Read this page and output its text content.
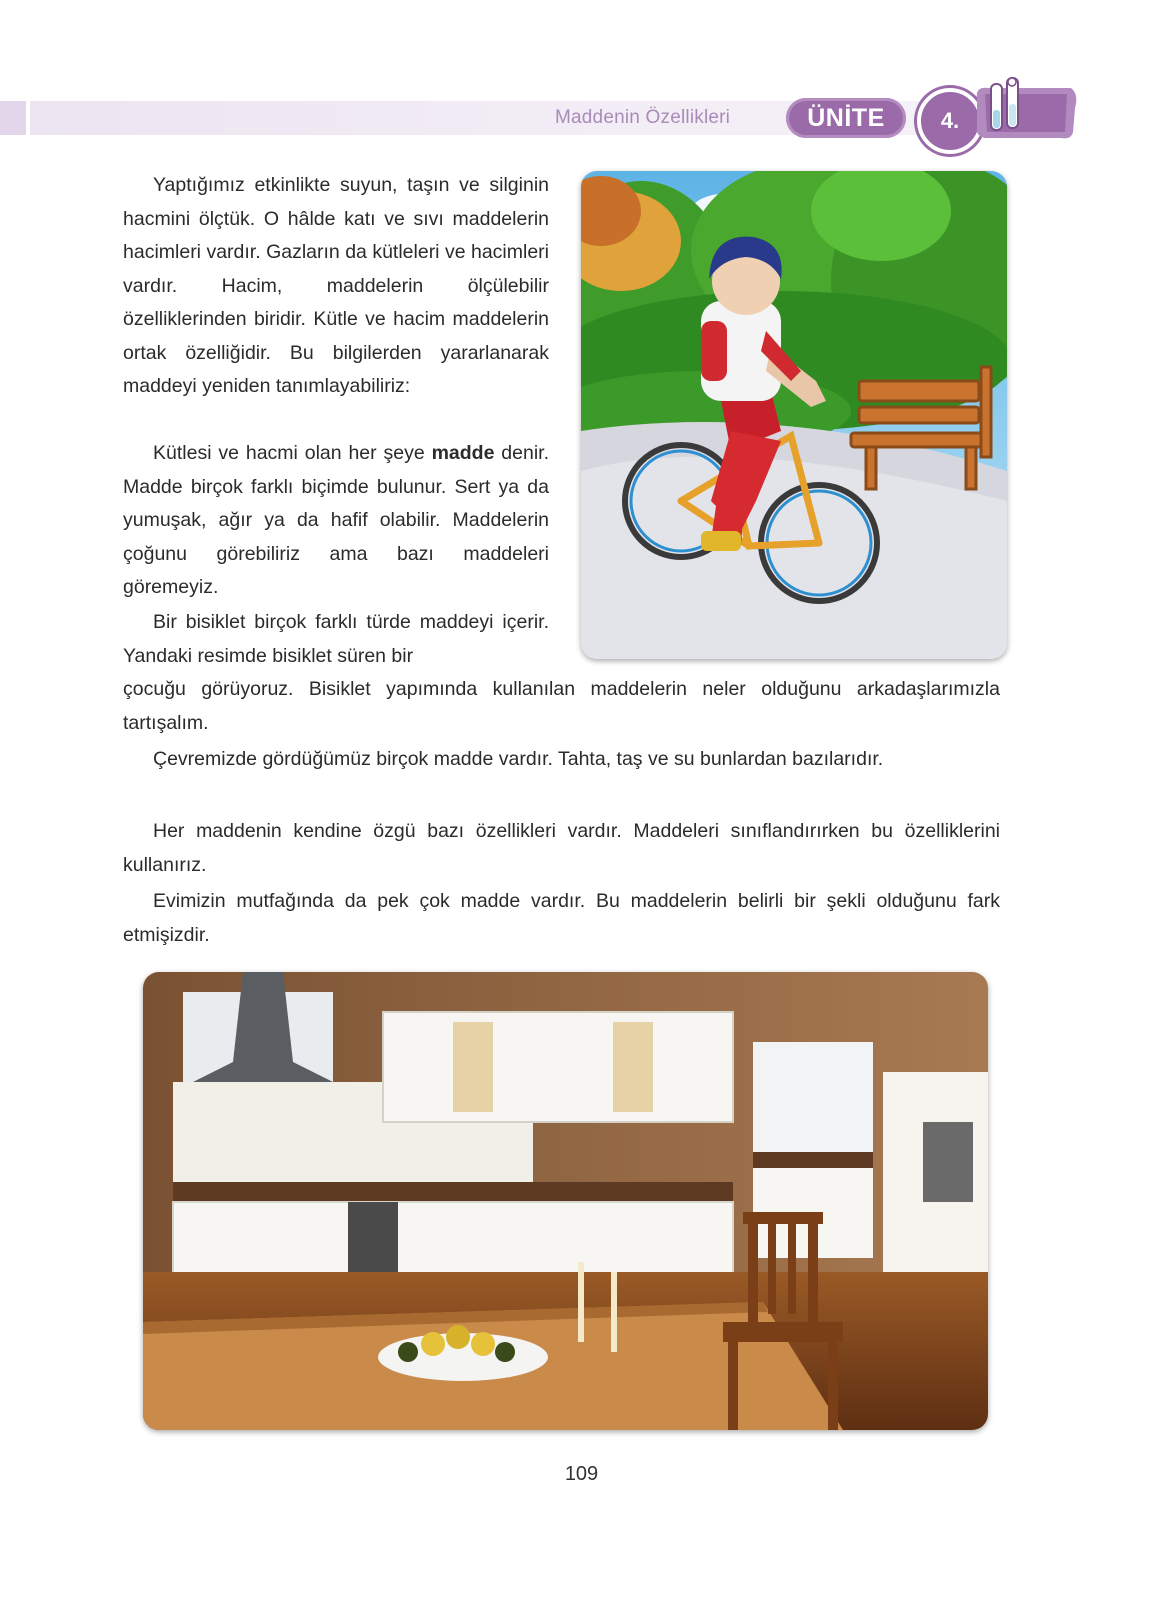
Maddenin Özellikleri	ÜNİTE	4.

Yaptığımız etkinlikte suyun, taşın ve silginin hacmini ölçtük. O hâlde katı ve sıvı maddelerin hacimleri vardır. Gazların da kütleleri ve hacimleri vardır. Hacim, maddelerin ölçülebilir özelliklerinden biridir. Kütle ve hacim maddelerin ortak özelliğidir. Bu bilgilerden yararlanarak maddeyi yeniden tanımlayabiliriz:

Kütlesi ve hacmi olan her şeye madde denir. Madde birçok farklı biçimde bulunur. Sert ya da yumuşak, ağır ya da hafif olabilir. Maddelerin çoğunu görebiliriz ama bazı maddeleri göremeyiz.

Bir bisiklet birçok farklı türde maddeyi içerir. Yandaki resimde bisiklet süren bir

çocuğu görüyoruz. Bisiklet yapımında kullanılan maddelerin neler olduğunu arkadaşlarımızla tartışalım.

Çevremizde gördüğümüz birçok madde vardır. Tahta, taş ve su bunlardan bazılarıdır.

Her maddenin kendine özgü bazı özellikleri vardır. Maddeleri sınıflandırırken bu özelliklerini kullanırız.

Evimizin mutfağında da pek çok madde vardır. Bu maddelerin belirli bir şekli olduğunu fark etmişizdir.

109
